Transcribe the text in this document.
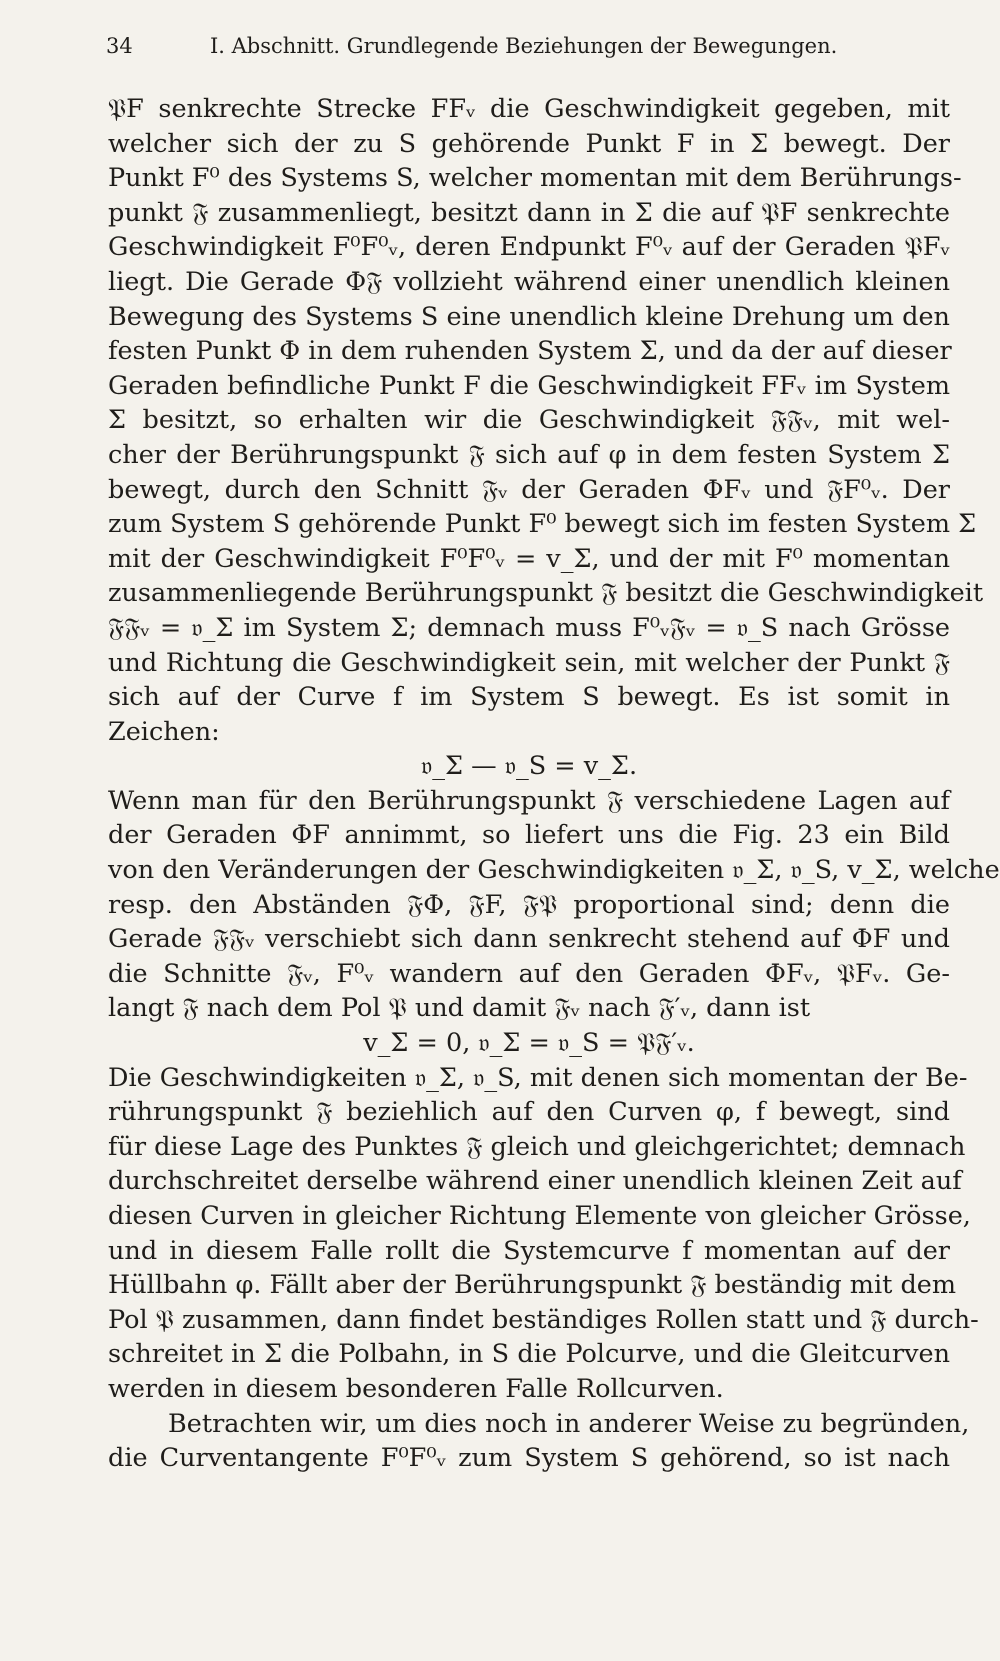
34	I. Abschnitt. Grundlegende Beziehungen der Bewegungen.
𝔓F senkrechte Strecke FFᵥ die Geschwindigkeit gegeben, mit
welcher sich der zu S gehörende Punkt F in Σ bewegt. Der
Punkt F⁰ des Systems S, welcher momentan mit dem Berührungs-
punkt 𝔉 zusammenliegt, besitzt dann in Σ die auf 𝔓F senkrechte
Geschwindigkeit F⁰F⁰ᵥ, deren Endpunkt F⁰ᵥ auf der Geraden 𝔓Fᵥ
liegt. Die Gerade Φ𝔉 vollzieht während einer unendlich kleinen
Bewegung des Systems S eine unendlich kleine Drehung um den
festen Punkt Φ in dem ruhenden System Σ, und da der auf dieser
Geraden befindliche Punkt F die Geschwindigkeit FFᵥ im System
Σ besitzt, so erhalten wir die Geschwindigkeit 𝔉𝔉ᵥ, mit wel-
cher der Berührungspunkt 𝔉 sich auf φ in dem festen System Σ
bewegt, durch den Schnitt 𝔉ᵥ der Geraden ΦFᵥ und 𝔉F⁰ᵥ. Der
zum System S gehörende Punkt F⁰ bewegt sich im festen System Σ
mit der Geschwindigkeit F⁰F⁰ᵥ = v_Σ, und der mit F⁰ momentan
zusammenliegende Berührungspunkt 𝔉 besitzt die Geschwindigkeit
𝔉𝔉ᵥ = 𝔳_Σ im System Σ; demnach muss F⁰ᵥ𝔉ᵥ = 𝔳_S nach Grösse
und Richtung die Geschwindigkeit sein, mit welcher der Punkt 𝔉
sich auf der Curve f im System S bewegt. Es ist somit in
Zeichen:
𝔳_Σ — 𝔳_S = v_Σ.
Wenn man für den Berührungspunkt 𝔉 verschiedene Lagen auf
der Geraden ΦF annimmt, so liefert uns die Fig. 23 ein Bild
von den Veränderungen der Geschwindigkeiten 𝔳_Σ, 𝔳_S, v_Σ, welche
resp. den Abständen 𝔉Φ, 𝔉F, 𝔉𝔓 proportional sind; denn die
Gerade 𝔉𝔉ᵥ verschiebt sich dann senkrecht stehend auf ΦF und
die Schnitte 𝔉ᵥ, F⁰ᵥ wandern auf den Geraden ΦFᵥ, 𝔓Fᵥ. Ge-
langt 𝔉 nach dem Pol 𝔓 und damit 𝔉ᵥ nach 𝔉′ᵥ, dann ist
v_Σ = 0, 𝔳_Σ = 𝔳_S = 𝔓𝔉′ᵥ.
Die Geschwindigkeiten 𝔳_Σ, 𝔳_S, mit denen sich momentan der Be-
rührungspunkt 𝔉 beziehlich auf den Curven φ, f bewegt, sind
für diese Lage des Punktes 𝔉 gleich und gleichgerichtet; demnach
durchschreitet derselbe während einer unendlich kleinen Zeit auf
diesen Curven in gleicher Richtung Elemente von gleicher Grösse,
und in diesem Falle rollt die Systemcurve f momentan auf der
Hüllbahn φ. Fällt aber der Berührungspunkt 𝔉 beständig mit dem
Pol 𝔓 zusammen, dann findet beständiges Rollen statt und 𝔉 durch-
schreitet in Σ die Polbahn, in S die Polcurve, und die Gleitcurven
werden in diesem besonderen Falle Rollcurven.
Betrachten wir, um dies noch in anderer Weise zu begründen,
die Curventangente F⁰F⁰ᵥ zum System S gehörend, so ist nach
